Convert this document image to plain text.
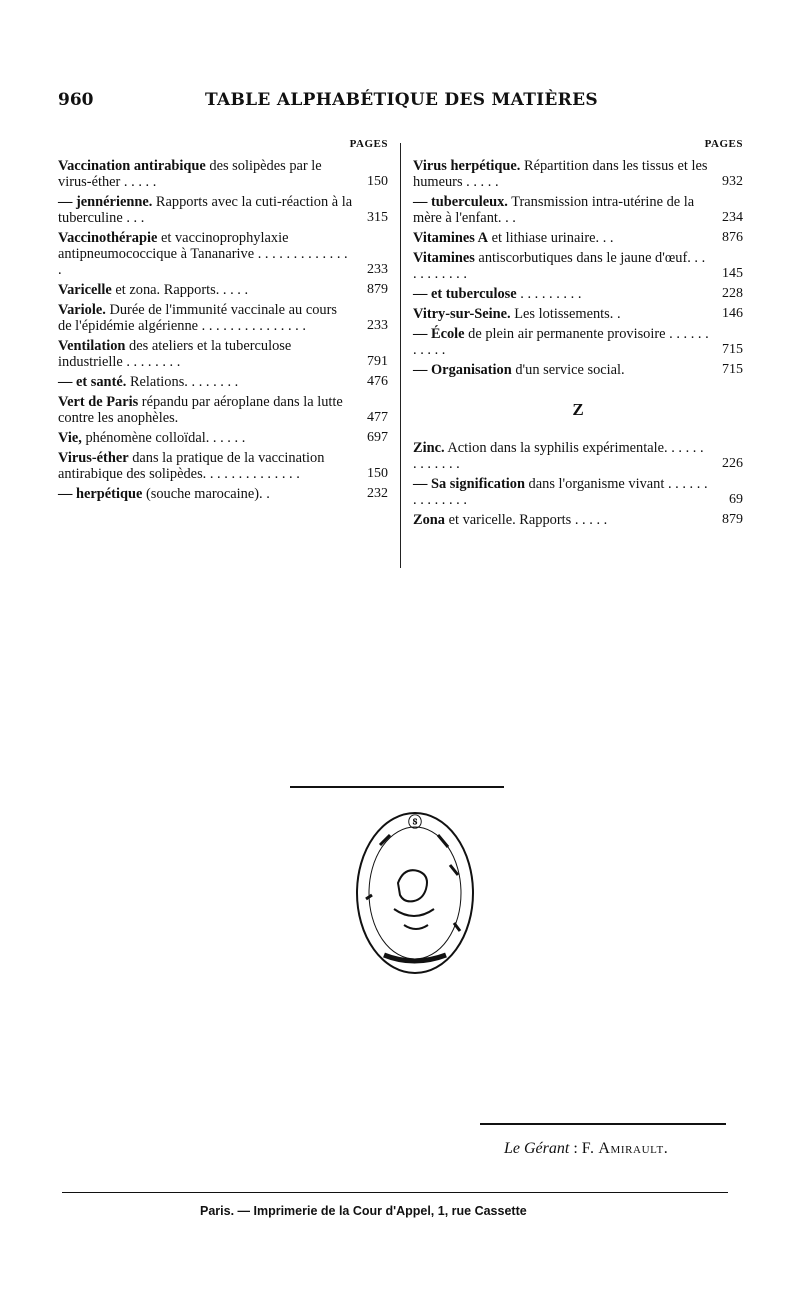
960	TABLE ALPHABÉTIQUE DES MATIÈRES
PAGES
Vaccination antirabique des solipèdes par le virus-éther . . . . .	150
— jennérienne. Rapports avec la cuti-réaction à la tuberculine . . .	315
Vaccinothérapie et vaccinoprophylaxie antipneumococcique à Tananarive . . . . . . . . . . . . . .	233
Varicelle et zona. Rapports. . . . .	879
Variole. Durée de l'immunité vaccinale au cours de l'épidémie algérienne . . . . . . . . . . . . . . .	233
Ventilation des ateliers et la tuberculose industrielle . . . . . . . .	791
— et santé. Relations. . . . . . . .	476
Vert de Paris répandu par aéroplane dans la lutte contre les anophèles.	477
Vie, phénomène colloïdal. . . . . .	697
Virus-éther dans la pratique de la vaccination antirabique des solipèdes. . . . . . . . . . . . . .	150
— herpétique (souche marocaine). .	232
PAGES
Virus herpétique. Répartition dans les tissus et les humeurs . . . . .	932
— tuberculeux. Transmission intra-utérine de la mère à l'enfant. . .	234
Vitamines A et lithiase urinaire. . .	876
Vitamines antiscorbutiques dans le jaune d'œuf. . . . . . . . . . .	145
— et tuberculose . . . . . . . . .	228
Vitry-sur-Seine. Les lotissements. .	146
— École de plein air permanente provisoire . . . . . . . . . . .	715
— Organisation d'un service social.	715
Z
Zinc. Action dans la syphilis expérimentale. . . . . . . . . . . . .	226
— Sa signification dans l'organisme vivant . . . . . . . . . . . . . .	69
Zona et varicelle. Rapports . . . . .	879
ⓢ
Le Gérant : F. Amirault.
Paris. — Imprimerie de la Cour d'Appel, 1, rue Cassette
